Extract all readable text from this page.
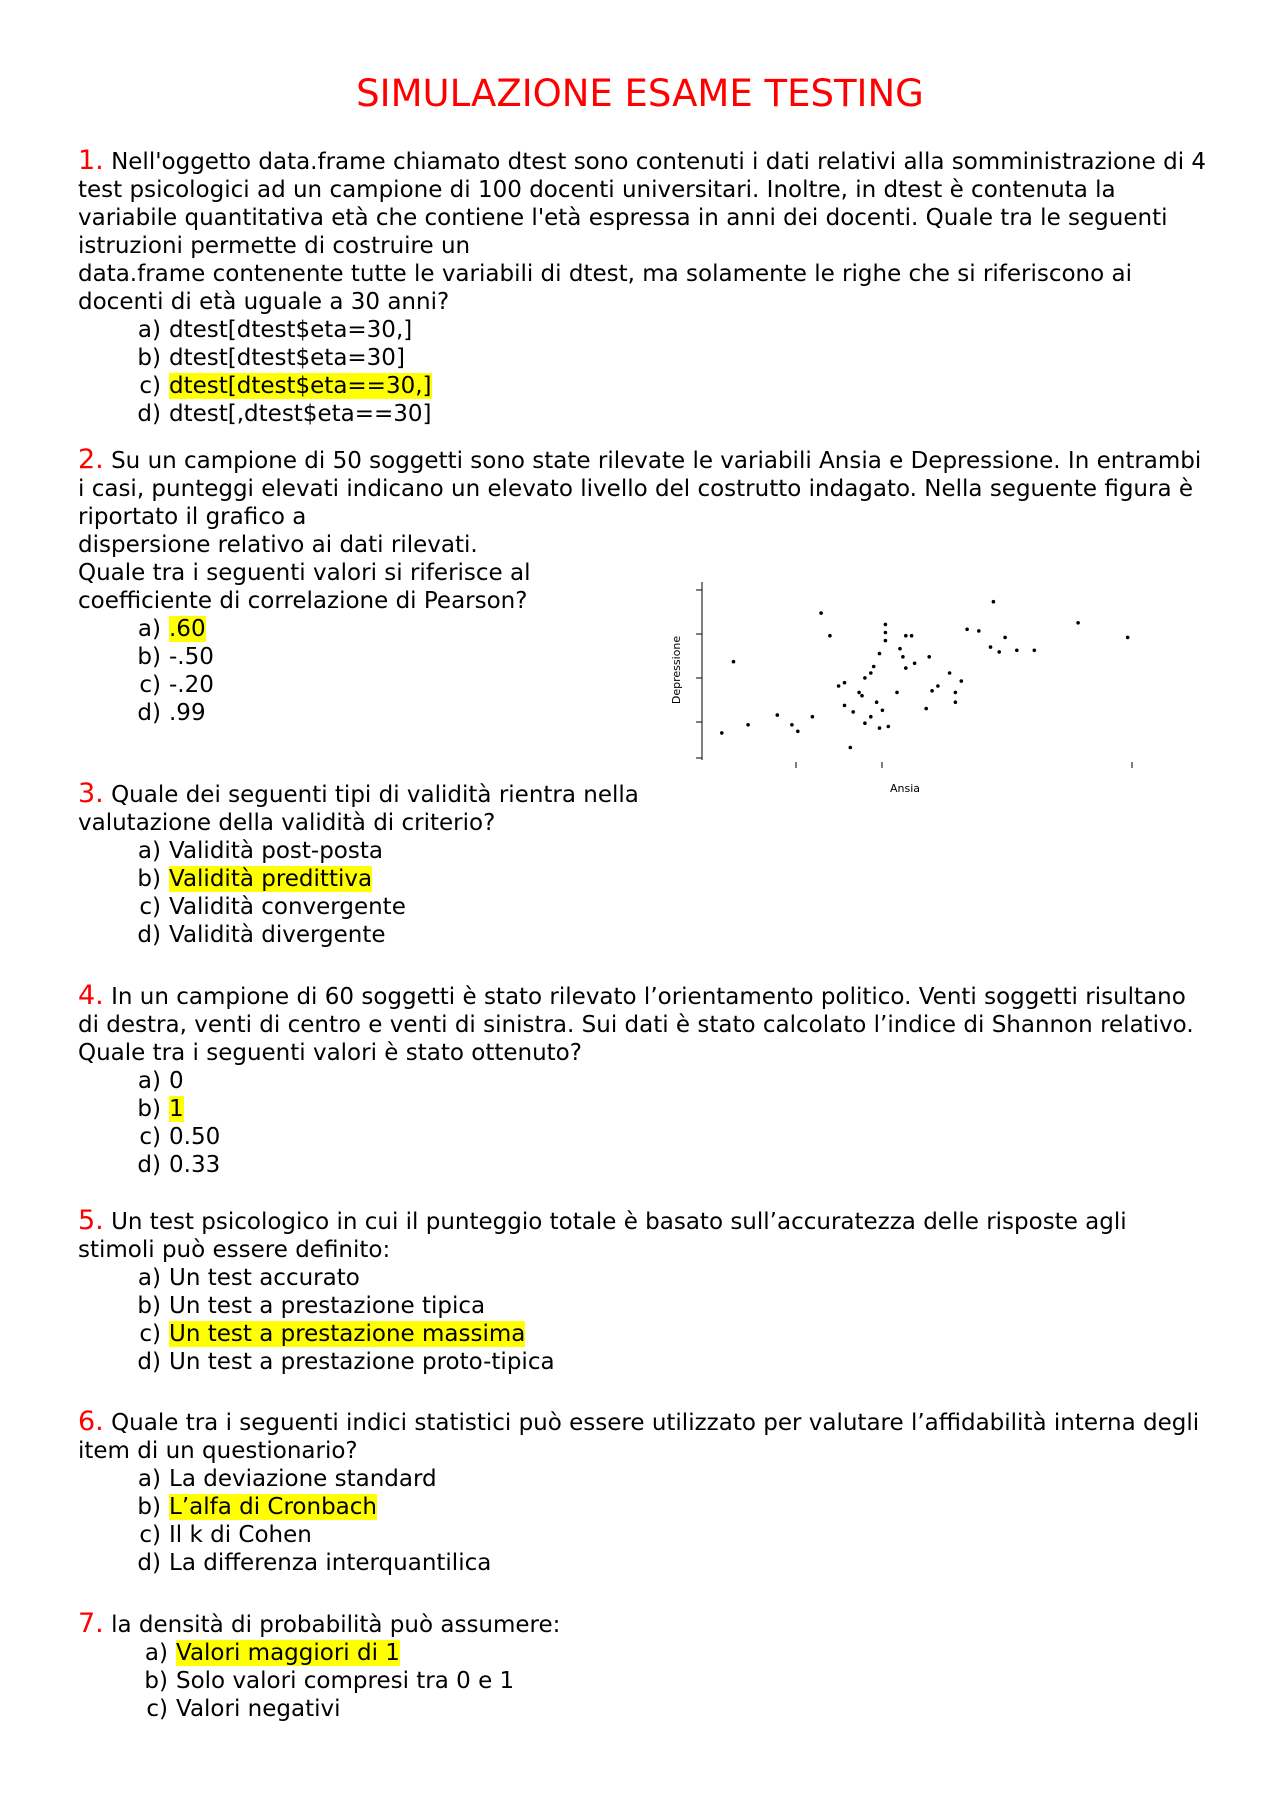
SIMULAZIONE ESAME TESTING

1. Nell'oggetto data.frame chiamato dtest sono contenuti i dati relativi alla somministrazione di 4 test psicologici ad un campione di 100 docenti universitari. Inoltre, in dtest è contenuta la variabile quantitativa età che contiene l'età espressa in anni dei docenti. Quale tra le seguenti istruzioni permette di costruire un

data.frame contenente tutte le variabili di dtest, ma solamente le righe che si riferiscono ai docenti di età uguale a 30 anni?

a) dtest[dtest$eta=30,]
b) dtest[dtest$eta=30]
c) dtest[dtest$eta==30,]
d) dtest[,dtest$eta==30]

2. Su un campione di 50 soggetti sono state rilevate le variabili Ansia e Depressione. In entrambi i casi, punteggi elevati indicano un elevato livello del costrutto indagato. Nella seguente figura è riportato il grafico a

dispersione relativo ai dati rilevati.

Quale tra i seguenti valori si riferisce al coefficiente di correlazione di Pearson?

a) .60
b) -.50
c) -.20
d) .99
Ansia
Depressione

3. Quale dei seguenti tipi di validità rientra nella valutazione della validità di criterio?

a) Validità post-posta
b) Validità predittiva
c) Validità convergente
d) Validità divergente

4. In un campione di 60 soggetti è stato rilevato l’orientamento politico. Venti soggetti risultano di destra, venti di centro e venti di sinistra. Sui dati è stato calcolato l’indice di Shannon relativo. Quale tra i seguenti valori è stato ottenuto?

a) 0
b) 1
c) 0.50
d) 0.33

5. Un test psicologico in cui il punteggio totale è basato sull’accuratezza delle risposte agli stimoli può essere definito:

a) Un test accurato
b) Un test a prestazione tipica
c) Un test a prestazione massima
d) Un test a prestazione proto-tipica

6. Quale tra i seguenti indici statistici può essere utilizzato per valutare l’affidabilità interna degli item di un questionario?

a) La deviazione standard
b) L’alfa di Cronbach
c) Il k di Cohen
d) La differenza interquantilica

7. la densità di probabilità può assumere:

a) Valori maggiori di 1
b) Solo valori compresi tra 0 e 1
c) Valori negativi
